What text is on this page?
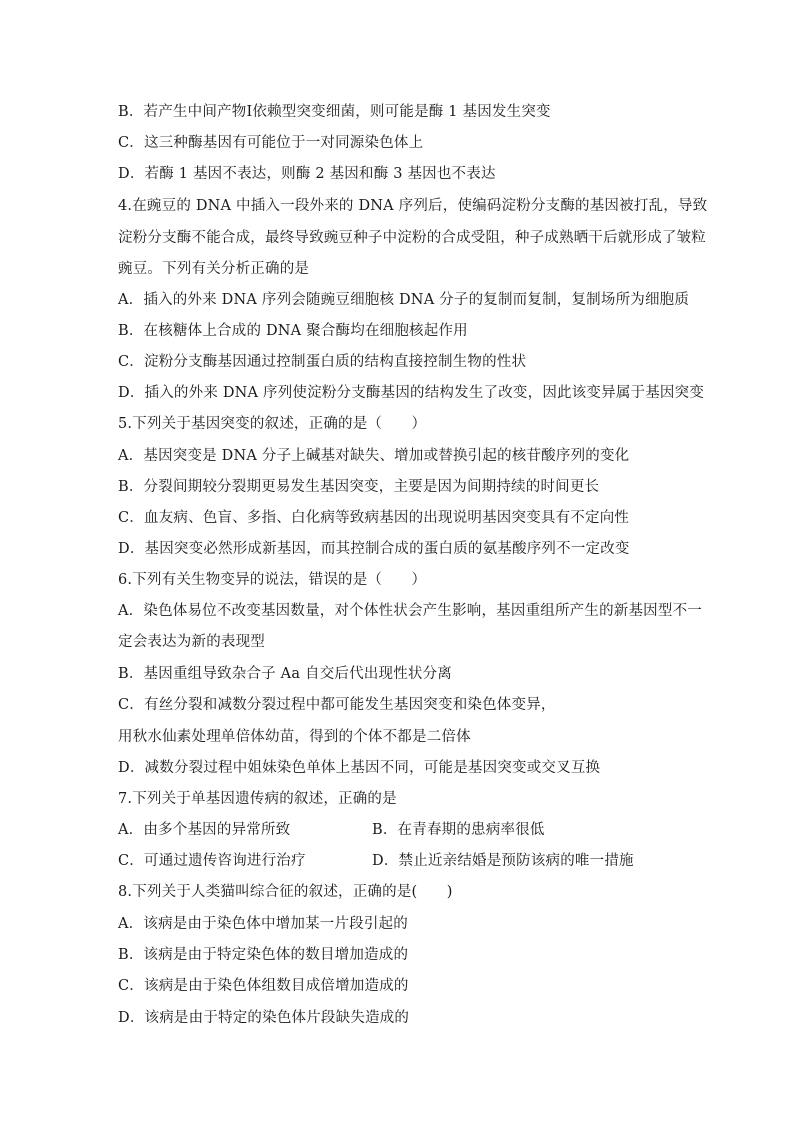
B．若产生中间产物Ⅰ依赖型突变细菌，则可能是酶 1 基因发生突变
C．这三种酶基因有可能位于一对同源染色体上
D．若酶 1 基因不表达，则酶 2 基因和酶 3 基因也不表达
4.在豌豆的 DNA 中插入一段外来的 DNA 序列后，使编码淀粉分支酶的基因被打乱，导致
淀粉分支酶不能合成，最终导致豌豆种子中淀粉的合成受阻，种子成熟晒干后就形成了皱粒
豌豆。下列有关分析正确的是
A．插入的外来 DNA 序列会随豌豆细胞核 DNA 分子的复制而复制，复制场所为细胞质
B．在核糖体上合成的 DNA 聚合酶均在细胞核起作用
C．淀粉分支酶基因通过控制蛋白质的结构直接控制生物的性状
D．插入的外来 DNA 序列使淀粉分支酶基因的结构发生了改变，因此该变异属于基因突变
5.下列关于基因突变的叙述，正确的是（　　）
A．基因突变是 DNA 分子上碱基对缺失、增加或替换引起的核苷酸序列的变化
B．分裂间期较分裂期更易发生基因突变，主要是因为间期持续的时间更长
C．血友病、色盲、多指、白化病等致病基因的出现说明基因突变具有不定向性
D．基因突变必然形成新基因，而其控制合成的蛋白质的氨基酸序列不一定改变
6.下列有关生物变异的说法，错误的是（　　）
A．染色体易位不改变基因数量，对个体性状会产生影响，基因重组所产生的新基因型不一
定会表达为新的表现型
B．基因重组导致杂合子 Aa 自交后代出现性状分离
C．有丝分裂和减数分裂过程中都可能发生基因突变和染色体变异，
用秋水仙素处理单倍体幼苗，得到的个体不都是二倍体
D．减数分裂过程中姐妹染色单体上基因不同，可能是基因突变或交叉互换
7.下列关于单基因遗传病的叙述，正确的是
A．由多个基因的异常所致	B．在青春期的患病率很低
C．可通过遗传咨询进行治疗	D．禁止近亲结婚是预防该病的唯一措施
8.下列关于人类猫叫综合征的叙述，正确的是(　　)
A．该病是由于染色体中增加某一片段引起的
B．该病是由于特定染色体的数目增加造成的
C．该病是由于染色体组数目成倍增加造成的
D．该病是由于特定的染色体片段缺失造成的
